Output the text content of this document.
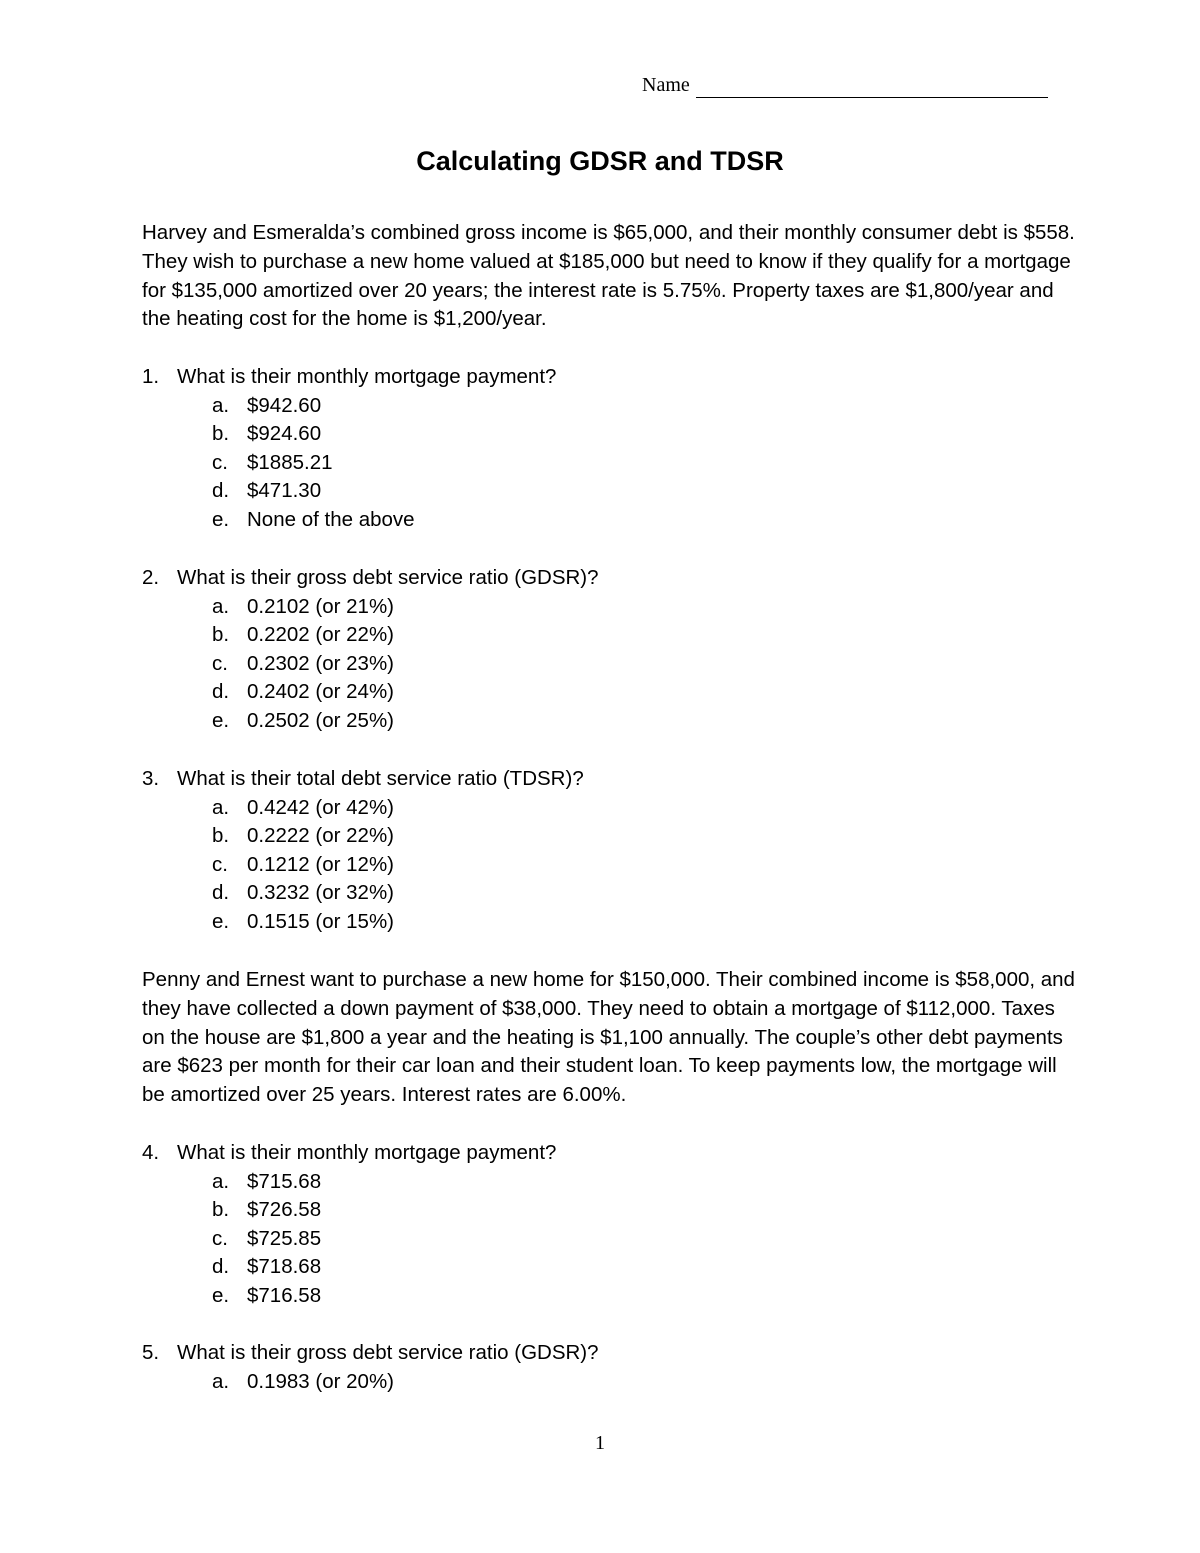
Name
Calculating GDSR and TDSR

Harvey and Esmeralda’s combined gross income is $65,000, and their monthly consumer debt is $558. They wish to purchase a new home valued at $185,000 but need to know if they qualify for a mortgage for $135,000 amortized over 20 years; the interest rate is 5.75%. Property taxes are $1,800/year and the heating cost for the home is $1,200/year.

1. What is their monthly mortgage payment?
a. $942.60
b. $924.60
c. $1885.21
d. $471.30
e. None of the above
2. What is their gross debt service ratio (GDSR)?
a. 0.2102 (or 21%)
b. 0.2202 (or 22%)
c. 0.2302 (or 23%)
d. 0.2402 (or 24%)
e. 0.2502 (or 25%)
3. What is their total debt service ratio (TDSR)?
a. 0.4242 (or 42%)
b. 0.2222 (or 22%)
c. 0.1212 (or 12%)
d. 0.3232 (or 32%)
e. 0.1515 (or 15%)

Penny and Ernest want to purchase a new home for $150,000. Their combined income is $58,000, and they have collected a down payment of $38,000. They need to obtain a mortgage of $112,000. Taxes on the house are $1,800 a year and the heating is $1,100 annually. The couple’s other debt payments are $623 per month for their car loan and their student loan. To keep payments low, the mortgage will be amortized over 25 years. Interest rates are 6.00%.

4. What is their monthly mortgage payment?
a. $715.68
b. $726.58
c. $725.85
d. $718.68
e. $716.58
5. What is their gross debt service ratio (GDSR)?
a. 0.1983 (or 20%)
1
